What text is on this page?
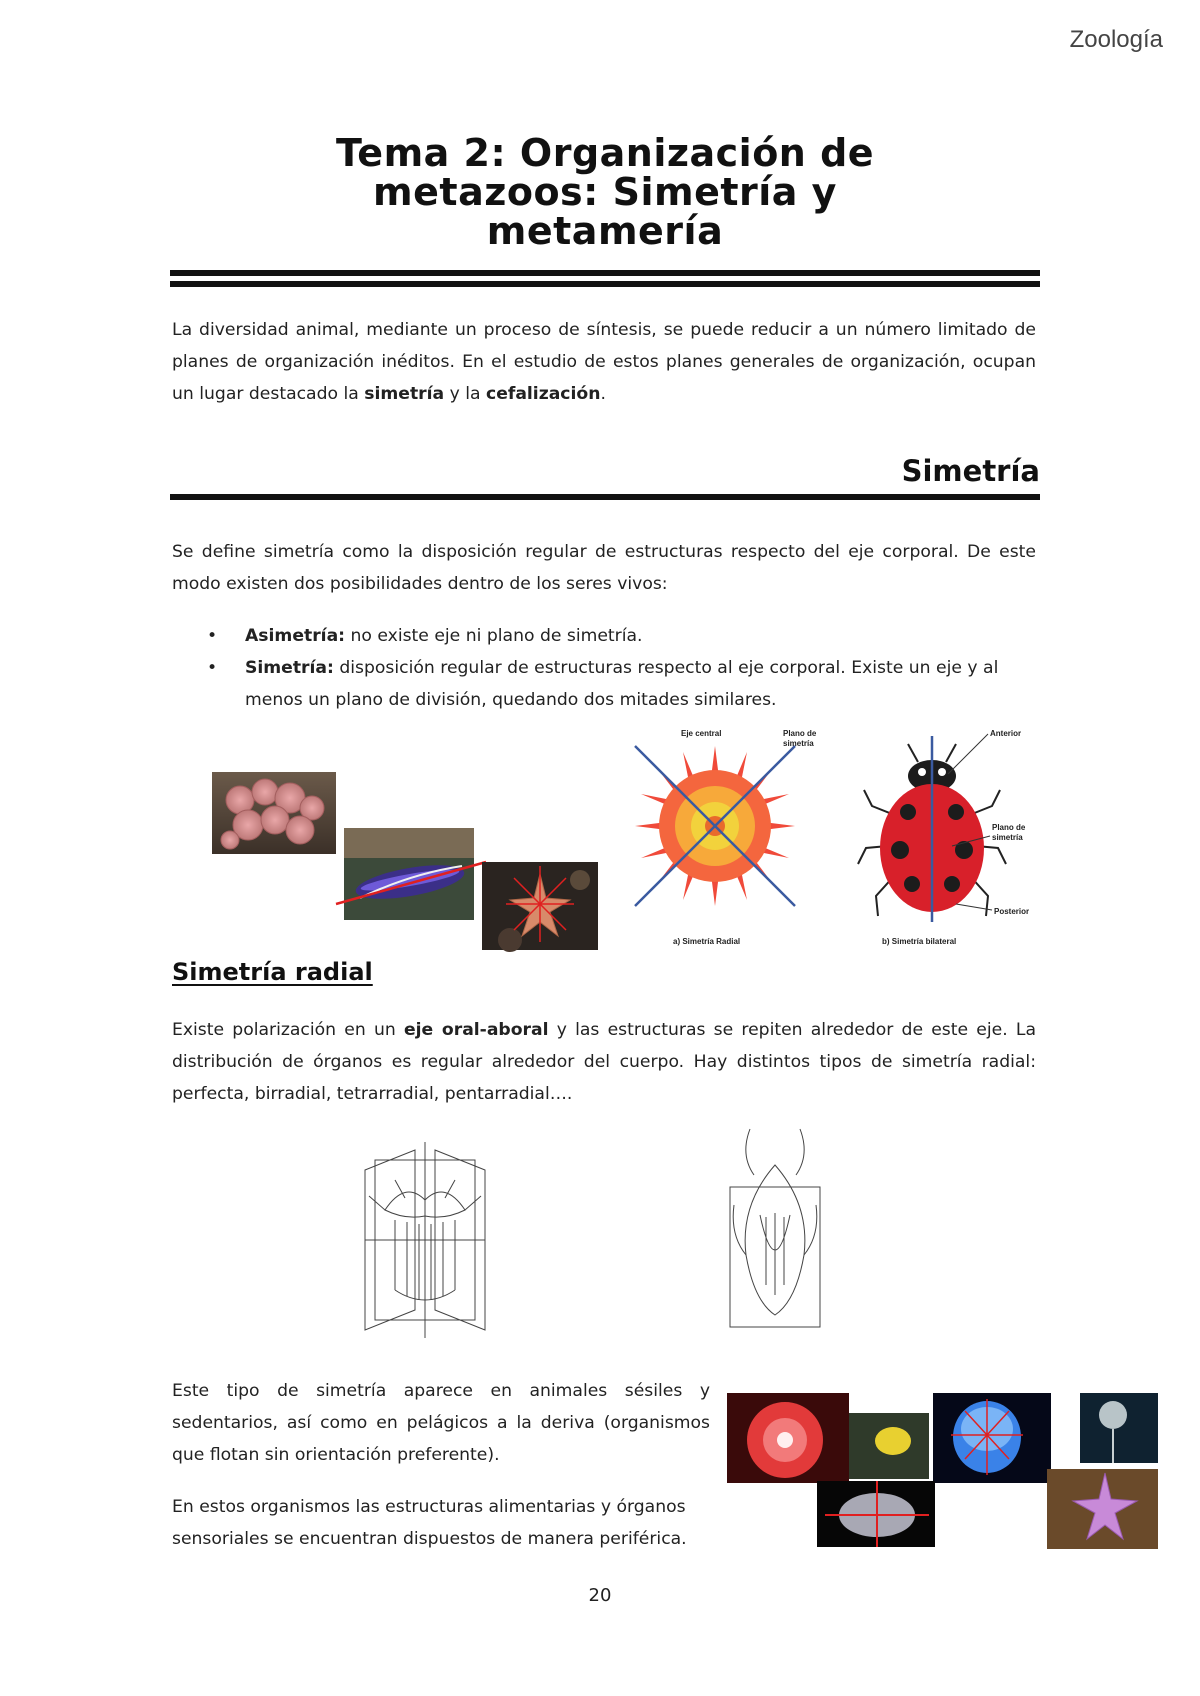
Zoología
Tema 2: Organización de
metazoos: Simetría y
metamería
La diversidad animal, mediante un proceso de síntesis, se puede reducir a un número limitado de planes de organización inéditos. En el estudio de estos planes generales de organización, ocupan un lugar destacado la simetría y la cefalización.
Simetría
Se define simetría como la disposición regular de estructuras respecto del eje corporal. De este modo existen dos posibilidades dentro de los seres vivos:
• Asimetría: no existe eje ni plano de simetría.
• Simetría: disposición regular de estructuras respecto al eje corporal. Existe un eje y al menos un plano de división, quedando dos mitades similares.
Eje central	Plano de
simetría
a) Simetría Radial
Anterior
Plano de
simetría
Posterior
b) Simetría bilateral
Simetría radial
Existe polarización en un eje oral-aboral y las estructuras se repiten alrededor de este eje. La distribución de órganos es regular alrededor del cuerpo. Hay distintos tipos de simetría radial: perfecta, birradial, tetrarradial, pentarradial….
Este tipo de simetría aparece en animales sésiles y sedentarios, así como en pelágicos a la deriva (organismos que flotan sin orientación preferente).
En estos organismos las estructuras alimentarias y órganos sensoriales se encuentran dispuestos de manera periférica.
20
